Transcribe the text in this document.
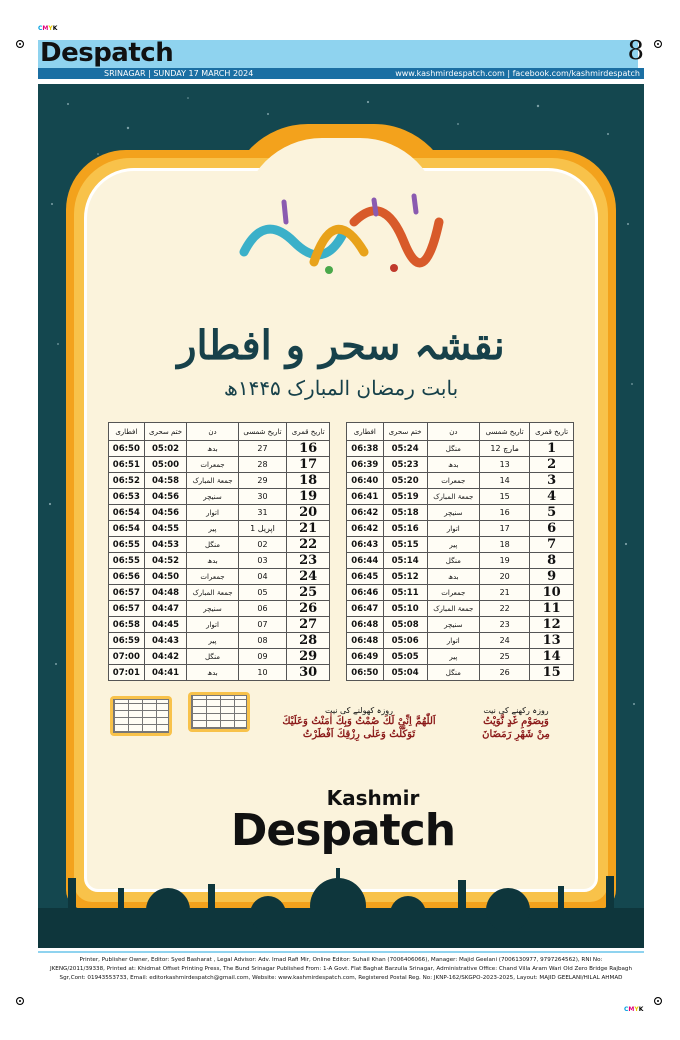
CMYK
CMYK
Despatch	8
SRINAGAR | SUNDAY 17 MARCH 2024	www.kashmirdespatch.com | facebook.com/kashmirdespatch
رمضان کریم
نقشہ سحر و افطار
بابت رمضان المبارک ۱۴۴۵ھ
افطاری	ختم سحری	دن	تاریخ شمسی	تاریخ قمری
06:50	05:02	بدھ	27	16
06:51	05:00	جمعرات	28	17
06:52	04:58	جمعۃ المبارک	29	18
06:53	04:56	سنیچر	30	19
06:54	04:56	اتوار	31	20
06:54	04:55	پیر	1 اپریل	21
06:55	04:53	منگل	02	22
06:55	04:52	بدھ	03	23
06:56	04:50	جمعرات	04	24
06:57	04:48	جمعۃ المبارک	05	25
06:57	04:47	سنیچر	06	26
06:58	04:45	اتوار	07	27
06:59	04:43	پیر	08	28
07:00	04:42	منگل	09	29
07:01	04:41	بدھ	10	30
افطاری	ختم سحری	دن	تاریخ شمسی	تاریخ قمری
06:38	05:24	منگل	12 مارچ	1
06:39	05:23	بدھ	13	2
06:40	05:20	جمعرات	14	3
06:41	05:19	جمعۃ المبارک	15	4
06:42	05:18	سنیچر	16	5
06:42	05:16	اتوار	17	6
06:43	05:15	پیر	18	7
06:44	05:14	منگل	19	8
06:45	05:12	بدھ	20	9
06:46	05:11	جمعرات	21	10
06:47	05:10	جمعۃ المبارک	22	11
06:48	05:08	سنیچر	23	12
06:48	05:06	اتوار	24	13
06:49	05:05	پیر	25	14
06:50	05:04	منگل	26	15
روزہ کھولنے کی نیت
اَللّٰهُمَّ اِنِّىْ لَكَ صُمْتُ وَبِكَ اٰمَنْتُ وَعَلَيْكَ
تَوَكَّلْتُ وَعَلٰى رِزْقِكَ اَفْطَرْتُ
روزہ رکھنے کی نیت
وَبِصَوْمِ غَدٍ نَّوَيْتُ
مِنْ شَهْرِ رَمَضَانَ
Kashmir
Despatch
Printer, Publisher Owner, Editor: Syed Basharat , Legal Advisor: Adv. Imad Rafi Mir, Online Editor: Suhail Khan (7006406066), Manager: Majid Geelani (7006130977, 9797264562), RNI No:
JKENG/2011/39338, Printed at: Khidmat Offset Printing Press, The Bund Srinagar Published From: 1-A Govt. Flat Baghat Barzulla Srinagar, Administrative Office: Chand Villa Aram Wari Old Zero Bridge Rajbagh
Sgr,Cont: 01943553733, Email: editorkashmirdespatch@gmail.com, Website: www.kashmirdespatch.com, Registered Postal Reg. No: JKNP-162/SKGPO-2023-2025, Layout: MAJID GEELANI/HILAL AHMAD
